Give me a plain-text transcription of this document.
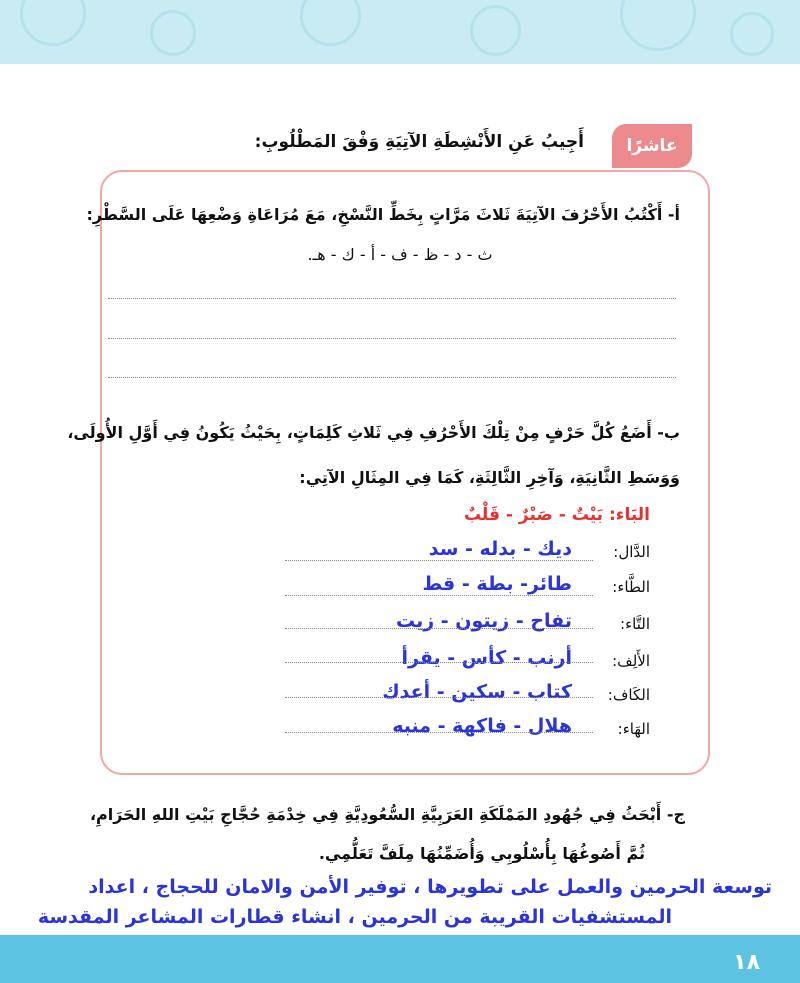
عاشرًا
أَجِيبُ عَنِ الأَنْشِطَةِ الآتِيَةِ وَفْقَ المَطْلُوبِ:
أ- أَكْتُبُ الأَحْرُفَ الآتِيَةَ ثَلاثَ مَرَّاتٍ بِخَطِّ النَّسْخِ، مَعَ مُرَاعَاةِ وَضْعِهَا عَلَى السَّطْرِ:
ث - د - ظ - ف - أ - ك - هـ.
ب- أَضَعُ كُلَّ حَرْفٍ مِنْ تِلْكَ الأَحْرُفِ فِي ثَلاثِ كَلِمَاتٍ، بِحَيْثُ يَكُونُ فِي أَوَّلِ الأُولَى،
وَوَسَطِ الثَّانِيَةِ، وَآخِرِ الثَّالِثَةِ، كَمَا فِي المِثَالِ الآتِي:
البَاء: بَيْتٌ - صَبْرٌ - قَلْبٌ
الدَّال:
ديك - بدله - سد
الطَّاء:
طائر- بطة - قط
التَّاء:
تفاح - زيتون - زيت
الأَلِف:
أرنب - كأس - يقرأ
الكَاف:
كتاب - سكين - أعدك
الهَاء:
هلال - فاكهة - منبه
ج- أَبْحَثُ فِي جُهُودِ المَمْلَكَةِ العَرَبِيَّةِ السُّعُودِيَّةِ فِي خِدْمَةِ حُجَّاجِ بَيْتِ اللهِ الحَرَامِ،
ثُمَّ أَصُوغُهَا بِأُسْلُوبِي وَأُضَمِّنُهَا مِلَفَّ تَعَلُّمِي.
توسعة الحرمين والعمل على تطويرها ، توفير الأمن والامان للحجاج ، اعداد
المستشفيات القريبة من الحرمين ، انشاء قطارات المشاعر المقدسة
١٨
